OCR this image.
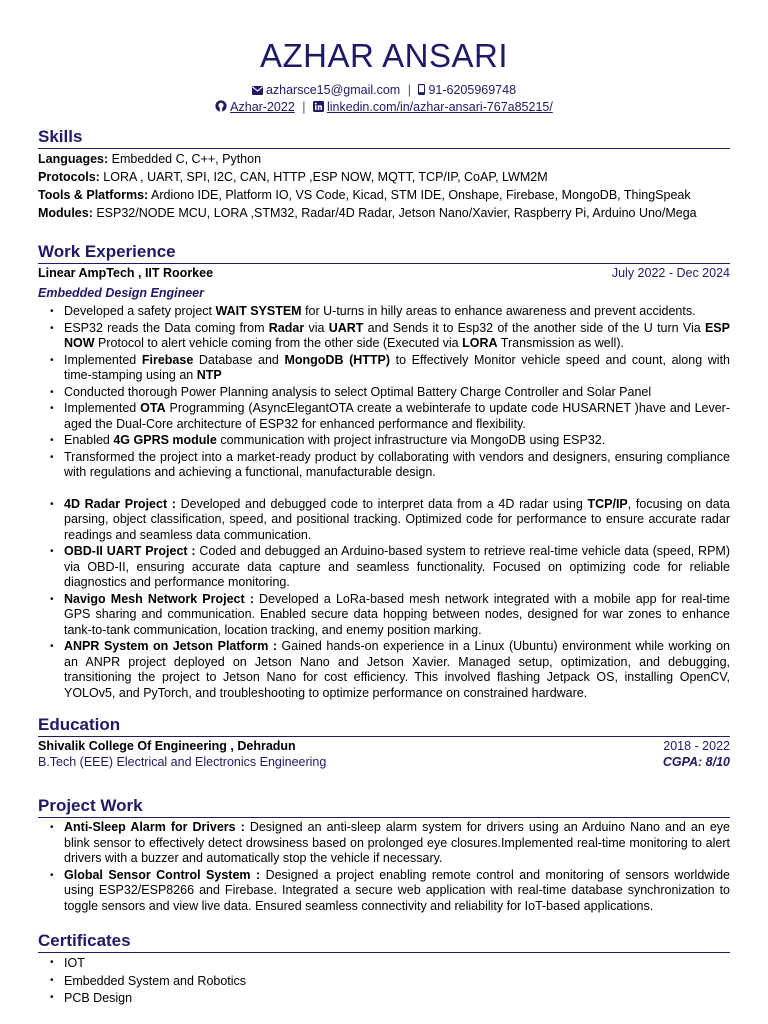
AZHAR ANSARI
azharsce15@gmail.com | 91-6205969748
Azhar-2022 | linkedin.com/in/azhar-ansari-767a85215/
Skills
Languages: Embedded C, C++, Python
Protocols: LORA , UART, SPI, I2C, CAN, HTTP ,ESP NOW, MQTT, TCP/IP, CoAP, LWM2M
Tools & Platforms: Ardiono IDE, Platform IO, VS Code, Kicad, STM IDE, Onshape, Firebase, MongoDB, ThingSpeak
Modules: ESP32/NODE MCU, LORA ,STM32, Radar/4D Radar, Jetson Nano/Xavier, Raspberry Pi, Arduino Uno/Mega
Work Experience
Linear AmpTech , IIT Roorkee	July 2022 - Dec 2024
Embedded Design Engineer
• Developed a safety project WAIT SYSTEM for U-turns in hilly areas to enhance awareness and prevent accidents.
• ESP32 reads the Data coming from Radar via UART and Sends it to Esp32 of the another side of the U turn Via ESP NOW Protocol to alert vehicle coming from the other side (Executed via LORA Transmission as well).
• Implemented Firebase Database and MongoDB (HTTP) to Effectively Monitor vehicle speed and count, along with time-stamping using an NTP
• Conducted thorough Power Planning analysis to select Optimal Battery Charge Controller and Solar Panel
• Implemented OTA Programming (AsyncElegantOTA create a webinterafe to update code HUSARNET )have and Lever-aged the Dual-Core architecture of ESP32 for enhanced performance and flexibility.
• Enabled 4G GPRS module communication with project infrastructure via MongoDB using ESP32.
• Transformed the project into a market-ready product by collaborating with vendors and designers, ensuring compliance with regulations and achieving a functional, manufacturable design.
• 4D Radar Project : Developed and debugged code to interpret data from a 4D radar using TCP/IP, focusing on data parsing, object classification, speed, and positional tracking. Optimized code for performance to ensure accurate radar readings and seamless data communication.
• OBD-II UART Project : Coded and debugged an Arduino-based system to retrieve real-time vehicle data (speed, RPM) via OBD-II, ensuring accurate data capture and seamless functionality. Focused on optimizing code for reliable diagnostics and performance monitoring.
• Navigo Mesh Network Project : Developed a LoRa-based mesh network integrated with a mobile app for real-time GPS sharing and communication. Enabled secure data hopping between nodes, designed for war zones to enhance tank-to-tank communication, location tracking, and enemy position marking.
• ANPR System on Jetson Platform : Gained hands-on experience in a Linux (Ubuntu) environment while working on an ANPR project deployed on Jetson Nano and Jetson Xavier. Managed setup, optimization, and debugging, transitioning the project to Jetson Nano for cost efficiency. This involved flashing Jetpack OS, installing OpenCV, YOLOv5, and PyTorch, and troubleshooting to optimize performance on constrained hardware.
Education
Shivalik College Of Engineering , Dehradun	2018 - 2022
B.Tech (EEE) Electrical and Electronics Engineering	CGPA: 8/10
Project Work
• Anti-Sleep Alarm for Drivers : Designed an anti-sleep alarm system for drivers using an Arduino Nano and an eye blink sensor to effectively detect drowsiness based on prolonged eye closures.Implemented real-time monitoring to alert drivers with a buzzer and automatically stop the vehicle if necessary.
• Global Sensor Control System : Designed a project enabling remote control and monitoring of sensors worldwide using ESP32/ESP8266 and Firebase. Integrated a secure web application with real-time database synchronization to toggle sensors and view live data. Ensured seamless connectivity and reliability for IoT-based applications.
Certificates
• IOT
• Embedded System and Robotics
• PCB Design
